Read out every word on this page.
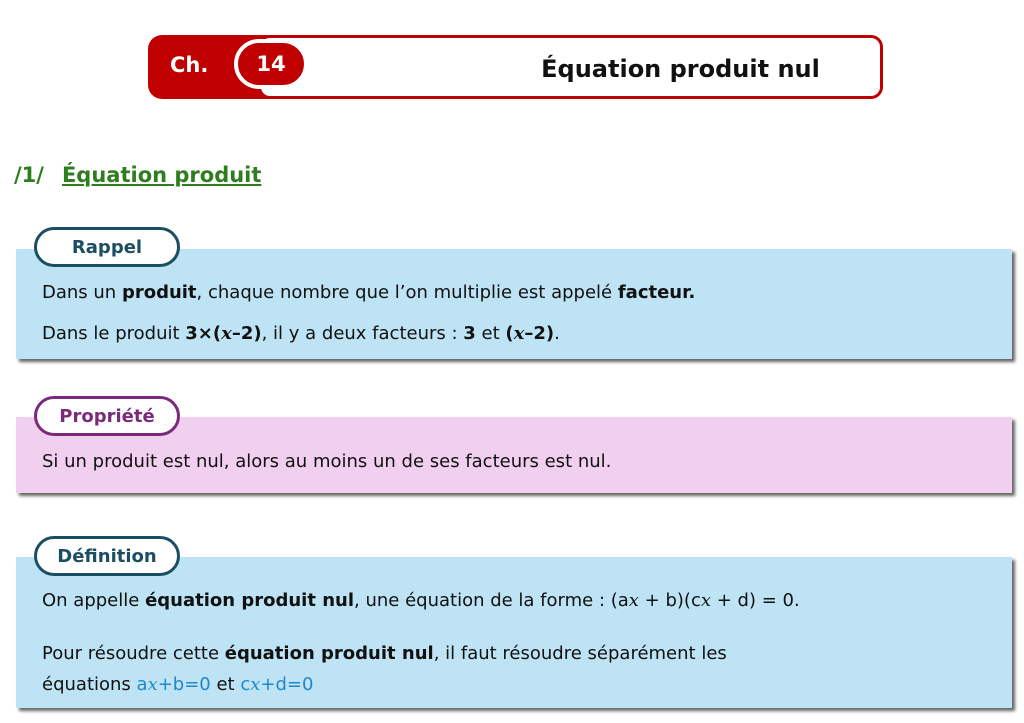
Équation produit nul
Ch.	14
/1/ Équation produit
Dans un produit, chaque nombre que l’on multiplie est appelé facteur.
Dans le produit 3×(x–2), il y a deux facteurs : 3 et (x–2).
Rappel
Si un produit est nul, alors au moins un de ses facteurs est nul.
Propriété
On appelle équation produit nul, une équation de la forme : (ax + b)(cx + d) = 0.
Pour résoudre cette équation produit nul, il faut résoudre séparément les
équations ax+b=0 et cx+d=0
Définition
